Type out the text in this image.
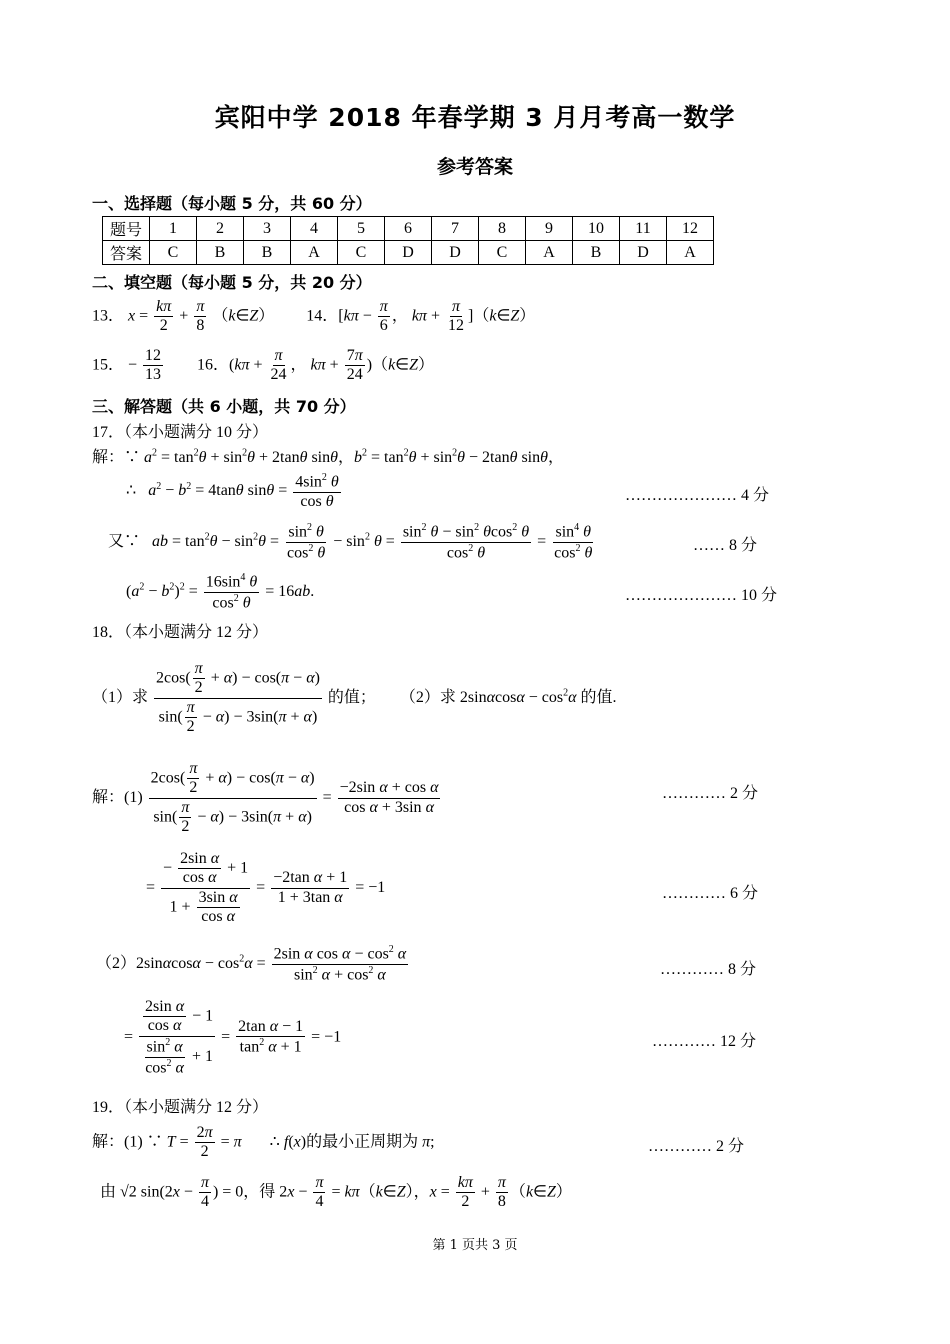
宾阳中学 2018 年春学期 3 月月考高一数学
参考答案
一、选择题（每小题 5 分，共 60 分）
题号	1	2	3	4	5	6	7	8	9	10	11	12
答案	C	B	B	A	C	D	D	C	A	B	D	A
二、填空题（每小题 5 分，共 20 分）
13． $x = \frac{k\pi}{2} + \frac{\pi}{8}$ （k∈Z）        14．[$k\pi - \frac{\pi}{6}$ ， $k\pi + \frac{\pi}{12}$ ]（k∈Z）
15． − $\frac{12}{13} 16$．($k\pi + \frac{\pi}{24}$ ， $k\pi + \frac{7\pi}{24}$ )（k∈Z）
三、解答题（共 6 小题，共 70 分）
17．（本小题满分 10 分）
解：∵ $a^2 = \tan^2\theta + \sin^2\theta + 2\tan\theta$ sinθ，$b^2 = \tan^2\theta + \sin^2\theta - 2\tan\theta$ sinθ，
∴   $a^2 - b^2 = 4\tan\theta$ $\sin\theta = \frac{4\sin^2 \theta}{\text{cos θ}}$	………………… 4 分
又∵   ab = $\tan^2\theta - \sin^2\theta = \frac{\sin^2 \theta}{\cos^2 \theta} - \sin^2 \theta = \frac{\sin^2 \theta - \sin^2 \theta\cos^2 \theta}{\cos^2 \theta} = \frac{\sin^4 \theta}{\cos^2 \theta}$	…… 8 分
$(a^2 - b^2)^2 = \frac{16\sin^4 \theta}{\cos^2 \theta} = 16ab$.	………………… 10 分
18．（本小题满分 12 分）
（1）求 $\frac{2\cos( \frac{\pi}{2} + \alpha) - \cos(\pi - \alpha)}{\sin( \frac{\pi}{2} - \alpha) - 3\sin(\pi + \alpha)}$ 的值；      （2）求 $2\sin\alpha\cos\alpha - \cos^2\alpha$ 的值.
解：$(1) \frac{2\cos( \frac{\pi}{2} + \alpha) - \cos(\pi - \alpha)}{\sin( \frac{\pi}{2} - \alpha) - 3\sin(\pi + \alpha)} = \frac{\text{−2sin α + cos α}}{\text{cos α + 3sin α}}$	………… 2 分
= $\frac{- \frac{\text{2sin α}}{\text{cos α}} + 1}{1 + \frac{\text{3sin α}}{\text{cos α}}} = \frac{\text{−2tan α + 1}}{\text{1 + 3tan α}} = -1$	………… 6 分
$(2)2\sin\alpha\cos\alpha - \cos^2\alpha = \frac{2\sin \alpha \cos \alpha - \cos^2 \alpha}{\sin^2 \alpha + \cos^2 \alpha}$	………… 8 分
= $\frac{\frac{\text{2sin α}}{\text{cos α}} - 1}{\frac{\sin^2 \alpha}{\cos^2 \alpha} + 1} = \frac{\text{2tan α − 1}}{\tan^2 \alpha + 1} = -1$	………… 12 分
19．（本小题满分 12 分）
解：(1) ∵ $T = \frac{2\pi}{2} = \pi$       ∴ f(x)的最小正周期为 π;	………… 2 分
由 √2 $\sin(2x - \frac{\pi}{4}$ ) = 0，得 $2x - \frac{\pi}{4}$ = kπ（k∈Z），$x = \frac{k\pi}{2} + \frac{\pi}{8}$ （k∈Z）
第 1 页共 3 页
